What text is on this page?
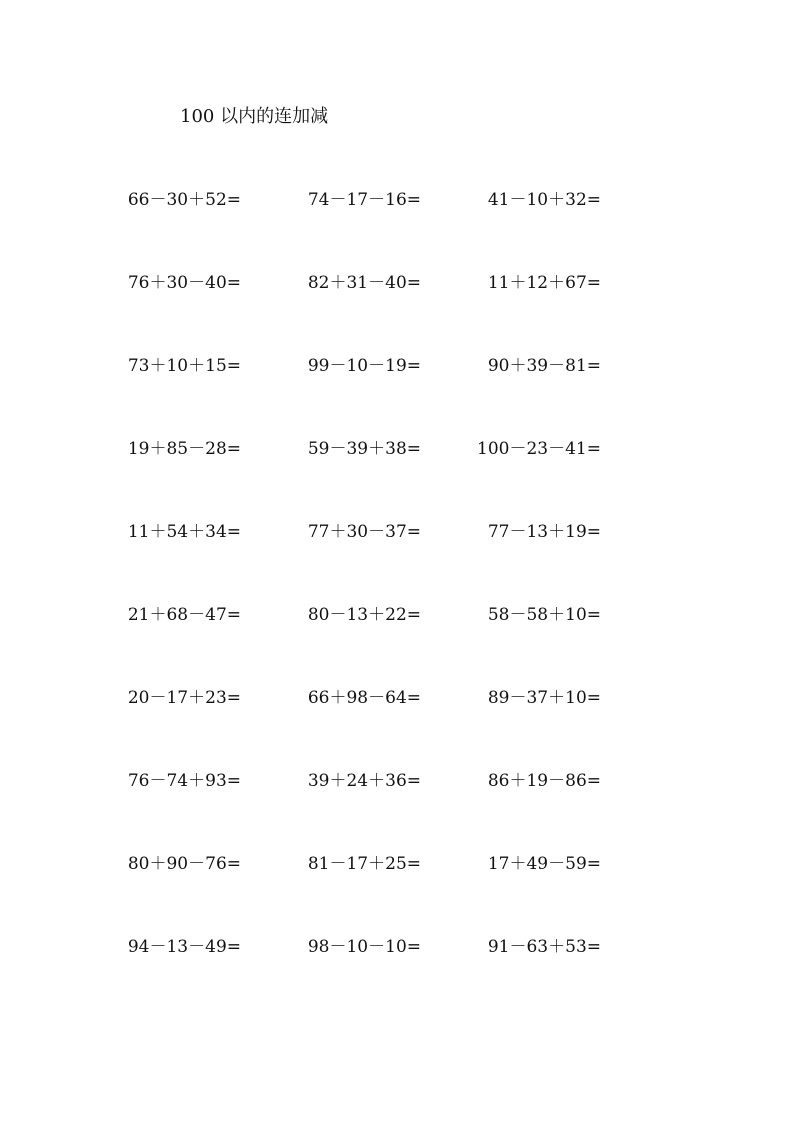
100 以内的连加减
66－30＋52=	74－17－16=	41－10＋32=
76＋30－40=	82＋31－40=	11＋12＋67=
73＋10＋15=	99－10－19=	90＋39－81=
19＋85－28=	59－39＋38=	100－23－41=
11＋54＋34=	77＋30－37=	77－13＋19=
21＋68－47=	80－13＋22=	58－58＋10=
20－17＋23=	66＋98－64=	89－37＋10=
76－74＋93=	39＋24＋36=	86＋19－86=
80＋90－76=	81－17＋25=	17＋49－59=
94－13－49=	98－10－10=	91－63＋53=
